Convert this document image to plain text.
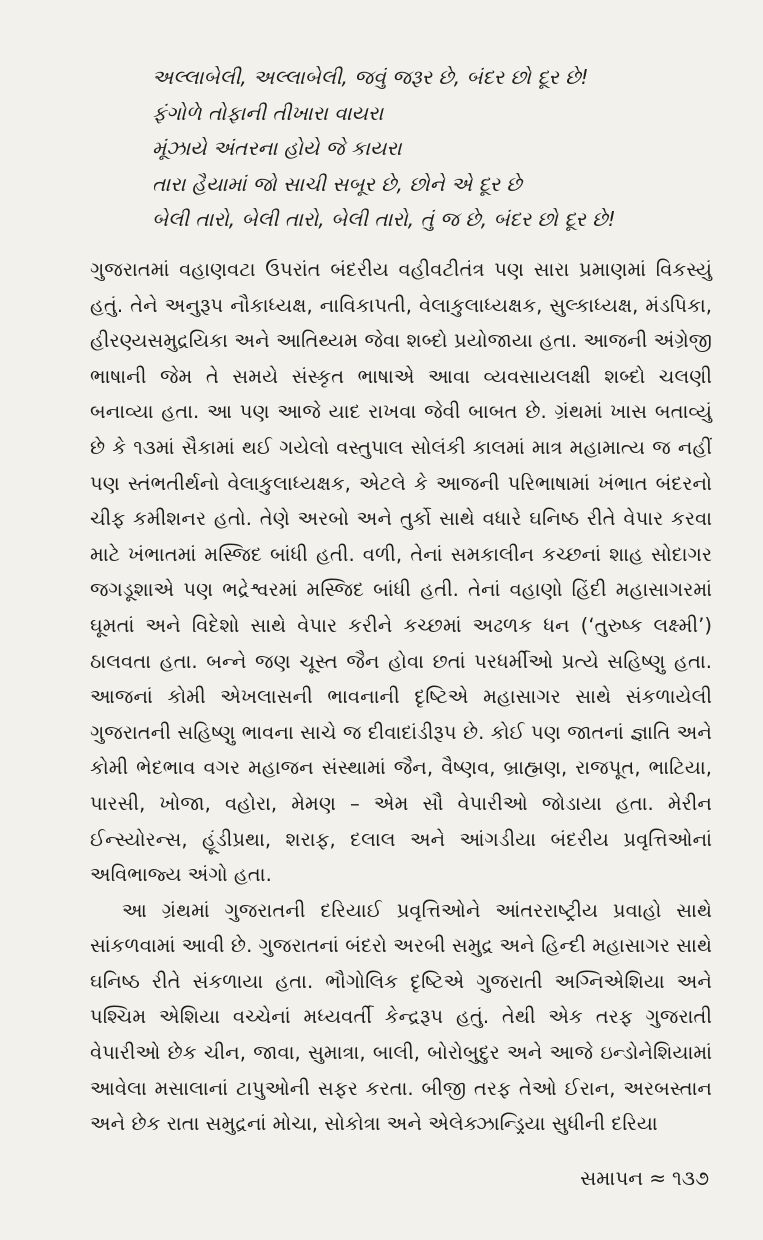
અલ્લાબેલી, અલ્લાબેલી, જવું જરૂર છે, બંદર છો દૂર છે!
ફંગોળે તોફાની તીખારા વાયરા
મૂંઝાયે અંતરના હોયે જે કાયરા
તારા હૈયામાં જો સાચી સબૂર છે, છોને એ દૂર છે
બેલી તારો, બેલી તારો, બેલી તારો, તું જ છે, બંદર છો દૂર છે!

ગુજરાતમાં વહાણવટા ઉપરાંત બંદરીય વહીવટીતંત્ર પણ સારા પ્રમાણમાં વિકસ્યું હતું. તેને અનુરૂપ નૌકાધ્યક્ષ, નાવિકાપતી, વેલાકુલાધ્યક્ષક, સુલ્કાધ્યક્ષ, મંડપિકા, હીરણ્યસમુદ્રયિકા અને આતિથ્યમ જેવા શબ્દો પ્રયોજાયા હતા. આજની અંગ્રેજી ભાષાની જેમ તે સમયે સંસ્કૃત ભાષાએ આવા વ્યવસાયલક્ષી શબ્દો ચલણી બનાવ્યા હતા. આ પણ આજે યાદ રાખવા જેવી બાબત છે. ગ્રંથમાં ખાસ બતાવ્યું છે કે ૧૩માં સૈકામાં થઈ ગયેલો વસ્તુપાલ સોલંકી કાલમાં માત્ર મહામાત્ય જ નહીં પણ સ્તંભતીર્થનો વેલાકુલાધ્યક્ષક, એટલે કે આજની પરિભાષામાં ખંભાત બંદરનો ચીફ કમીશનર હતો. તેણે અરબો અને તુર્કો સાથે વધારે ઘનિષ્ઠ રીતે વેપાર કરવા માટે ખંભાતમાં મસ્જિદ બાંધી હતી. વળી, તેનાં સમકાલીન કચ્છનાં શાહ સોદાગર જગડૂશાએ પણ ભદ્રેશ્વરમાં મસ્જિદ બાંધી હતી. તેનાં વહાણો હિંદી મહાસાગરમાં ઘૂમતાં અને વિદેશો સાથે વેપાર કરીને કચ્છમાં અઢળક ધન (‘તુરુષ્ક લક્ષ્મી’) ઠાલવતા હતા. બન્ને જણ ચૂસ્ત જૈન હોવા છતાં પરધર્મીઓ પ્રત્યે સહિષ્ણુ હતા. આજનાં કોમી એખલાસની ભાવનાની દૃષ્ટિએ મહાસાગર સાથે સંકળાયેલી ગુજરાતની સહિષ્ણુ ભાવના સાચે જ દીવાદાંડીરૂપ છે. કોઈ પણ જાતનાં જ્ઞાતિ અને કોમી ભેદભાવ વગર મહાજન સંસ્થામાં જૈન, વૈષ્ણવ, બ્રાહ્મણ, રાજપૂત, ભાટિયા, પારસી, ખોજા, વહોરા, મેમણ – એમ સૌ વેપારીઓ જોડાયા હતા. મેરીન ઈન્સ્યોરન્સ, હૂંડીપ્રથા, શરાફ, દલાલ અને આંગડીયા બંદરીય પ્રવૃત્તિઓનાં અવિભાજ્ય અંગો હતા.

આ ગ્રંથમાં ગુજરાતની દરિયાઈ પ્રવૃત્તિઓને આંતરરાષ્ટ્રીય પ્રવાહો સાથે સાંકળવામાં આવી છે. ગુજરાતનાં બંદરો અરબી સમુદ્ર અને હિન્દી મહાસાગર સાથે ઘનિષ્ઠ રીતે સંકળાયા હતા. ભૌગોલિક દૃષ્ટિએ ગુજરાતી અગ્નિએશિયા અને પશ્ચિમ એશિયા વચ્ચેનાં મધ્યવર્તી કેન્દ્રરૂપ હતું. તેથી એક તરફ ગુજરાતી વેપારીઓ છેક ચીન, જાવા, સુમાત્રા, બાલી, બોરોબુદુર અને આજે ઇન્ડોનેશિયામાં આવેલા મસાલાનાં ટાપુઓની સફર કરતા. બીજી તરફ તેઓ ઈરાન, અરબસ્તાન અને છેક રાતા સમુદ્રનાં મોચા, સોકોત્રા અને એલેક્ઝાન્ડ્રિયા સુધીની દરિયા

સમાપન ≈ ૧૩૭
